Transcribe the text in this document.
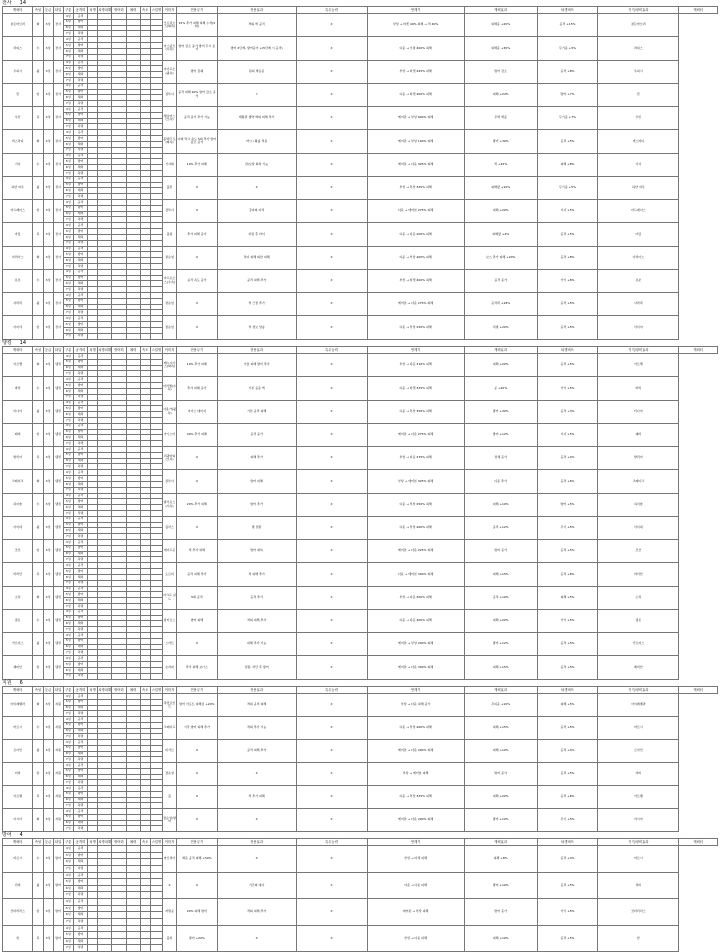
전사 14
캐릭터	속성	등급	타입	구분	공격력	치명	치명피해	방어력	체력	속도	스킬명	이미지	전용무기	전용효과	특수능력	연계기	캐릭효과	타겟버프	기기/장비효과	캐릭터
골든마브러	화	3성	전사	4성	공격							모토리오스(화속)	15% 추가 피해 피해 누적(5회)	적의 벽 공격	X	부상 → 타겟 40% 피해 → 적 40%	피해증 +20%	공격 +15%	골든마브러	
				5성	방어															
				6성	체력															
				7성	치명															
라피스	수	3성	전사	4성	공격							아스펀트(수속)	방어 감소 증가 방어 무시 증가	방어 2단계, 방어증가 +(5단계 시 공격)	X	다운 → 기절 400% 피해	피해증 +30%	무기증 +5%	라피스	
				5성	방어															
				6성	체력															
				7성	치명															
우피시	광	3성	전사	4성	공격							아이프소(광속)	방어 감쇄	원피 벽공증	X	부상 → 타겟 425% 피해	방어 감소	공격 +8%	우피시	
				5성	방어															
				6성	체력															
				7성	치명															
만	암	3성	전사	4성	공격							검투사	공격 피해 20% 방어 감소 증가	?	X	다운 → 타겟 400% 피해	피해 +24%	방어 +7%	만	
				5성	방어															
				6성	체력															
				7성	치명															
우인	목	3성	전사	4성	공격							행보어스(모속)	공격 증가 추가 기능	계획관 생략 벽의 피해 추가	X	에어본 → 부상 600% 피해	무벽 벽증	무기증 +7%	우인	
				5성	방어															
				6성	체력															
				7성	치명															
버스라디	화	3성	전사	4성	공격							블랙닥 토(화속)	아레 턱크 속도 5의 추가 방어 감소 증가	마시 / 확률 적용	X	에어본 → 부상 100% 피해	방어 +30%	공격 +5%	버스라디	
				5성	방어															
				6성	체력															
				7성	치명															
기사	수	3성	전사	4성	공격							기사회	10% 추가 피해	관/보상 회복 기능	X	에어본 → 다운 325% 피해	적 +25%	피해 +8%	기사	
				5성	방어															
				6성	체력															
				7성	치명															
하얀 여우	광	3성	전사	4성	공격							불꽃	X	X	X	부상 → 부상 325% 피해	피해량 +10%	무기증 +5%	하얀 여우	
				5성	방어															
				6성	체력															
				7성	치명															
미드레이스	암	3성	전사	4성	공격							검투사	X	강자의 자격	X	다운 → 에어본 275% 피해	피해 +20%	기사 +5%	미드레이스	
				5성	방어															
				6성	체력															
				7성	치명															
아랑	목	3성	전사	4성	공격							볼린	추가 피해 증가	자장 후 타이	X	다운 → 다운 200% 피해	피해량 +4%	공격 +5%	아랑	
				5성	방어															
				6성	체력															
				7성	치명															
아리아스	화	3성	전사	4성	공격							잠순엄	X	적이 피해 의한 피해	X	다운 → 부상 400% 피해	보스 추가 피해 +20%	공격 +8%	아리아스	
				5성	방어															
				6성	체력															
				7성	치명															
유조	수	3성	전사	4성	공격							아프로오스(수속)	공격 속도 증가	공격 피해 추가	X	부상 → 타겟 400% 피해	공격 증가	가기 +8%	유조	
				5성	방어															
				6성	체력															
				7성	치명															
사라라	광	3성	전사	4성	공격							잠순엄	X	적 근접 추가	X	에어본 → 다운 275% 피해	공격력 +18%	공격 +5%	사라라	
				5성	방어															
				6성	체력															
				7성	치명															
아이야	암	3성	전사	4성	공격							잠순엄	X	적 정보 상승	X	다운 → 부상 250% 피해	치명 +20%	공격 +5%	아이야	
				5성	방어															
				6성	체력															
				7성	치명															
탱킹 14
캐릭터	속성	등급	타입	구분	공격력	치명	치명피해	방어력	체력	속도	스킬명	이미지	전용무기	전용효과	특수능력	연계기	캐릭효과	타겟버프	기기/장비효과	캐릭터
아르멜	화	3성	탱킹	4성	공격							메누시아스(화속)	10% 추가 피해	기술 피해 방어 추가	X	부상 → 다운 310% 피해	피해 +20%	공격 +5%	아르멜	
				5성	방어															
				6성	체력															
				7성	치명															
바리	수	3성	탱킹	4성	공격							아리엘(수속)	추가 피해 증가	기본 공증 벽	X	다운 → 타겟 325% 피해	공 +20%	가기 +5%	바리	
				5성	방어															
				6성	체력															
				7성	치명															
티나아	광	3성	탱킹	4성	공격							사용가(광속)	아이스 데미지	기본 공격 피해	X	다운 → 부상 350% 피해	방어 +30%	공격 +3%	티나아	
				5성	방어															
				6성	체력															
				7성	치명															
레버	암	3성	탱킹	4성	공격							가시스티	40% 추가 피해	공격 증가	X	에어본 → 다운 275% 피해	방어 +12%	기사 +5%	레버	
				5성	방어															
				6성	체력															
				7성	치명															
발리아	목	3성	탱킹	4성	공격							리과마피(모속)	X	피해 추가	X	부상 → 다운 475% 피해	전체 증가	공격 +4%	발리아	
				5성	방어															
				6성	체력															
				7성	치명															
크레이크	화	3성	탱킹	4성	공격							검투사	X	방어 피해	X	부상 → 에어본 325% 피해	다운 추가	공격 +6%	크레이크	
				5성	방어															
				6성	체력															
				7성	치명															
하이슬	수	3성	탱킹	4성	공격							팔루로스(수속)	20% 추가 피해	방어 추가	X	다운 → 부상 250% 피해	피해 +10%	방어 +5%	하이슬	
				5성	방어															
				6성	체력															
				7성	치명															
아이네	광	3성	탱킹	4성	공격							플리스	X	방 전환	X	다운 → 부상 400% 피해	공격 +12%	무기 +5%	아이네	
				5성	방어															
				6성	체력															
				7성	치명															
코코	암	3성	탱킹	4성	공격							에이프로	적 추가 피해	방어 회복	X	에어본 → 다운 225% 피해	방어 증가	공격 +5%	코코	
				5성	방어															
				6성	체력															
				7성	치명															
마리안	목	3성	탱킹	4성	공격							도르비	공격 피해 추가	적 피해 추가	X	다운 → 에어본 300% 피해	피해 +15%	공격 +6%	마리안	
				5성	방어															
				6성	체력															
				7성	치명															
소치	화	3성	탱킹	4성	공격							아크프 실드	5회 공격	공격 추가	X	부상 → 다운 300% 피해	공격 +10%	피해 +5%	소치	
				5성	방어															
				6성	체력															
				7성	치명															
필로	수	3성	탱킹	4성	공격							탑티르스	방어 피해	적의 피해 추가	X	다운 → 다운 300% 피해	피해 +20%	가기 +5%	필로	
				5성	방어															
				6성	체력															
				7성	치명															
가르지스	광	3성	탱킹	4성	공격							스카트	X	피해 추가 기능	X	에어본 → 부상 200% 피해	방어 +12%	공격 +5%	가르지스	
				5성	방어															
				6성	체력															
				7성	치명															
레비안	암	3성	탱킹	4성	공격							손자퍼	추가 피해 보너스	전환, 차단 후 방어	X	에어본 → 다운 300% 피해	피해 +15%	공격 +5%	레비안	
				5성	방어															
				6성	체력															
				7성	치명															
지원 6
캐릭터	속성	등급	타입	구분	공격력	치명	치명피해	방어력	체력	속도	스킬명	이미지	전용무기	전용효과	특수능력	연계기	캐릭효과	타겟버프	기기/장비효과	캐릭터
아이레벨라	화	3성	지원	4성	공격							라만포인트	방어 서포트 피해감 +20%	적의 공격 피해	X	부상 → 다운 피해 증가	무피증 +10%	피해 +5%	아이레벨라	
				5성	방어															
				6성	체력															
				7성	치명															
마르시	수	3성	지원	4성	공격							크레이프	기각 방어 피해 추가	적의 추가 기능	X	다운 → 부상 400% 피해	피해 +15%	공격 +5%	마르시	
				5성	방어															
				6성	체력															
				7성	치명															
르아인	광	3성	지원	4성	공격							비가르	X	공격 피해 추가	X	에어본 → 다운 200% 피해	피해 +10%	공격 +4%	르아인	
				5성	방어															
				6성	체력															
				7성	치명															
미비	암	3성	지원	4성	공격							잠순엄	X	X	X	부상 → 에어본 피해	방어 증가	공격 +5%	미비	
				5성	방어															
				6성	체력															
				7성	치명															
아르벨	목	3성	지원	4성	공격							볼	X	적 추가 피해	X	다운 → 부상 325% 피해	피해 +20%	공격 +6%	아르벨	
				5성	방어															
				6성	체력															
				7성	치명															
아시아	화	3성	지원	4성	공격							잠순엄/방어	X	X	X	에어본 → 다운 200% 피해	방어 +10%	무기 +5%	아시아	
				5성	방어															
				6성	체력															
				7성	치명															
방어 4
캐릭터	속성	등급	타입	구분	공격력	치명	치명피해	방어력	체력	속도	스킬명	이미지	전용무기	전용효과	특수능력	연계기	캐릭효과	타겟버프	기기/장비효과	캐릭터
마르시	수	3성	방어	4성	공격							마르리아	좌운 공격 피해 +50%	X	X	부상 → 타겟 피해	피해 +8%	공격 +4%	마르시	
				5성	방어															
				6성	체력															
				7성	치명															
리비	광	3성	방어	4성	공격							X	X	기간의 대사	X	다운 → 다운 피해	방어 +10%	공격 +5%	리비	
				5성	방어															
				6성	체력															
				7성	치명															
코타리리스	암	3성	방어	4성	공격							자방공	20% 피해 방어	적의 피해 추가	X	에어본 → 부상 피해	방어 증가	가기 +5%	코타리리스	
				5성	방어															
				6성	체력															
				7성	치명															
한	목	3성	방어	4성	공격							블록	방어 +20%	X	X	부상 → 다운 피해	피해 +10%	공격 +5%	한	
				5성	방어															
				6성	체력															
				7성	치명															
